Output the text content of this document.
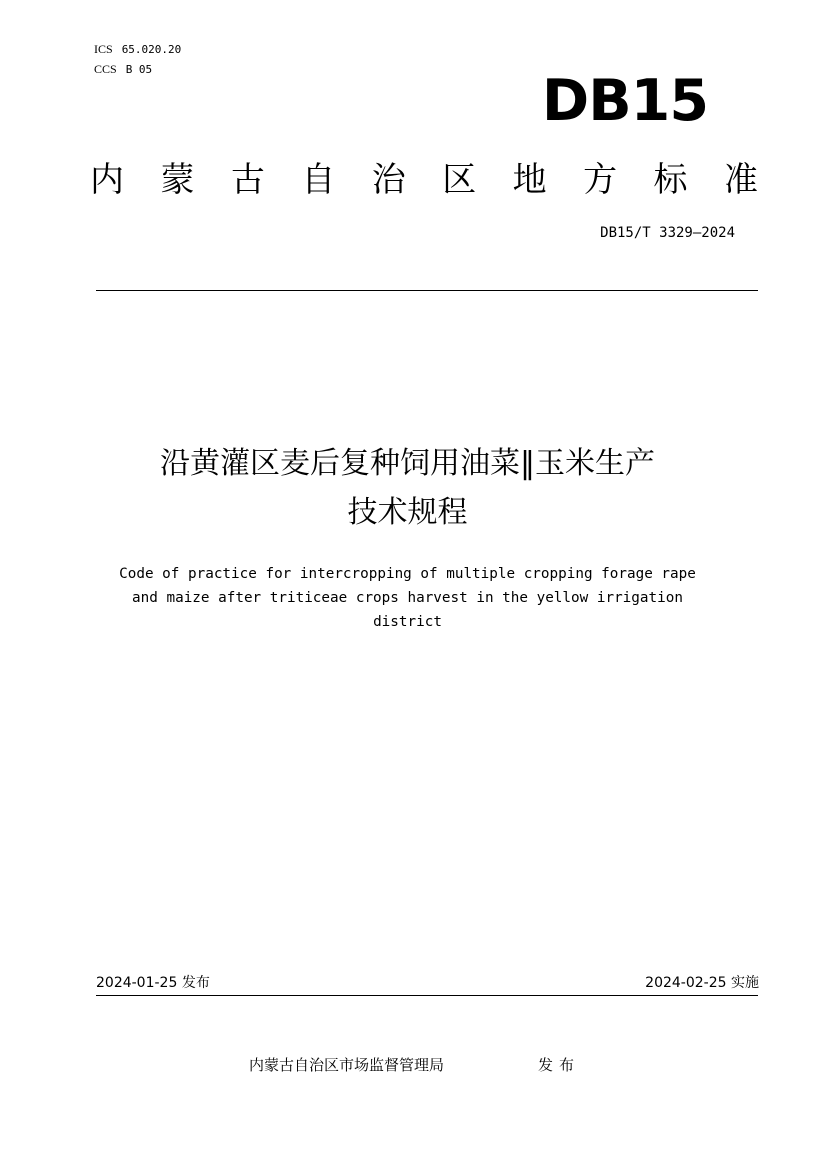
ICS 65.020.20
CCS B 05	DB15
内 蒙 古 自 治 区 地 方 标 准
DB15/T 3329—2024
沿黄灌区麦后复种饲用油菜‖玉米生产
技术规程
Code of practice for intercropping of multiple cropping forage rape
and maize after triticeae crops harvest in the yellow irrigation
district
2024-01-25 发布	2024-02-25 实施
内蒙古自治区市场监督管理局	发布
